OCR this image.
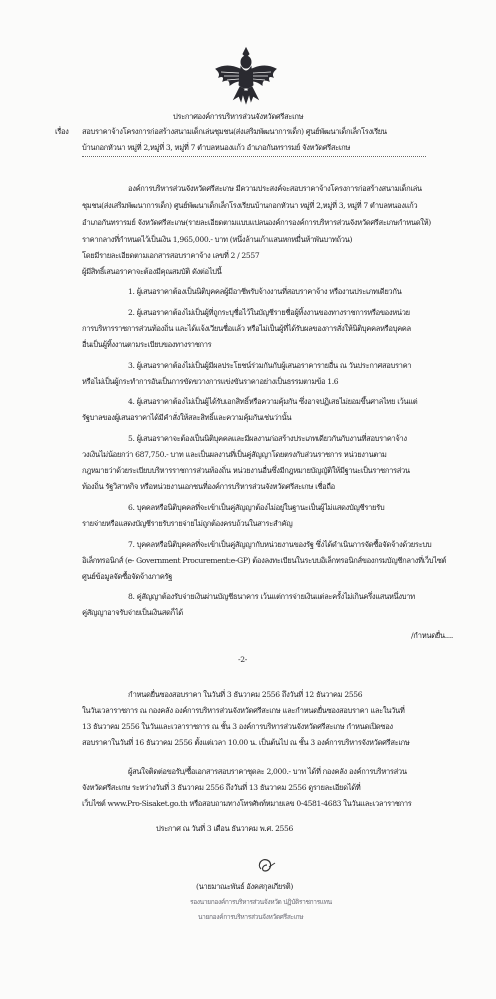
ประกาศองค์การบริหารส่วนจังหวัดศรีสะเกษ
เรื่อง สอบราคาจ้างโครงการก่อสร้างสนามเด็กเล่นชุมชน(ส่งเสริมพัฒนาการเด็ก) ศูนย์พัฒนาเด็กเล็กโรงเรียน
บ้านกอกหัวนา หมู่ที่ 2,หมู่ที่ 3, หมู่ที่ 7 ตำบลหนองแก้ว อำเภอกันทรารมย์ จังหวัดศรีสะเกษ
องค์การบริหารส่วนจังหวัดศรีสะเกษ มีความประสงค์จะสอบราคาจ้างโครงการก่อสร้างสนามเด็กเล่น
ชุมชน(ส่งเสริมพัฒนาการเด็ก) ศูนย์พัฒนาเด็กเล็กโรงเรียนบ้านกอกหัวนา หมู่ที่ 2,หมู่ที่ 3, หมู่ที่ 7 ตำบลหนองแก้ว
อำเภอกันทรารมย์ จังหวัดศรีสะเกษ(รายละเอียดตามแบบแปลนองค์การองค์การบริหารส่วนจังหวัดศรีสะเกษกำหนดให้)
ราคากลางที่กำหนดไว้เป็นเงิน 1,965,000.- บาท (หนึ่งล้านเก้าแสนหกหมื่นห้าพันบาทถ้วน)
โดยมีรายละเอียดตามเอกสารสอบราคาจ้าง เลขที่ 2 / 2557
ผู้มีสิทธิ์เสนอราคาจะต้องมีคุณสมบัติ ดังต่อไปนี้
1. ผู้เสนอราคาต้องเป็นนิติบุคคลผู้มีอาชีพรับจ้างงานที่สอบราคาจ้าง หรืองานประเภทเดียวกัน
2. ผู้เสนอราคาต้องไม่เป็นผู้ที่ถูกระบุชื่อไว้ในบัญชีรายชื่อผู้ทิ้งงานของทางราชการหรือของหน่วย
การบริหารราชการส่วนท้องถิ่น และได้แจ้งเวียนชื่อแล้ว หรือไม่เป็นผู้ที่ได้รับผลของการสั่งให้นิติบุคคลหรือบุคคล
อื่นเป็นผู้ทิ้งงานตามระเบียบของทางราชการ
3. ผู้เสนอราคาต้องไม่เป็นผู้มีผลประโยชน์ร่วมกันกับผู้เสนอราคารายอื่น ณ วันประกาศสอบราคา
หรือไม่เป็นผู้กระทำการอันเป็นการขัดขวางการแข่งขันราคาอย่างเป็นธรรมตามข้อ 1.6
4. ผู้เสนอราคาต้องไม่เป็นผู้ได้รับเอกสิทธิ์หรือความคุ้มกัน ซึ่งอาจปฏิเสธไม่ยอมขึ้นศาลไทย เว้นแต่
รัฐบาลของผู้เสนอราคาได้มีคำสั่งให้สละสิทธิ์และความคุ้มกันเช่นว่านั้น
5. ผู้เสนอราคาจะต้องเป็นนิติบุคคลและมีผลงานก่อสร้างประเภทเดียวกันกับงานที่สอบราคาจ้าง
วงเงินไม่น้อยกว่า 687,750.- บาท และเป็นผลงานที่เป็นคู่สัญญาโดยตรงกับส่วนราชการ หน่วยงานตาม
กฎหมายว่าด้วยระเบียบบริหารราชการส่วนท้องถิ่น หน่วยงานอื่นซึ่งมีกฎหมายบัญญัติให้มีฐานะเป็นราชการส่วน
ท้องถิ่น รัฐวิสาหกิจ หรือหน่วยงานเอกชนที่องค์การบริหารส่วนจังหวัดศรีสะเกษ เชื่อถือ
6. บุคคลหรือนิติบุคคลที่จะเข้าเป็นคู่สัญญาต้องไม่อยู่ในฐานะเป็นผู้ไม่แสดงบัญชีรายรับ
รายจ่ายหรือแสดงบัญชีรายรับรายจ่ายไม่ถูกต้องครบถ้วนในสาระสำคัญ
7. บุคคลหรือนิติบุคคลที่จะเข้าเป็นคู่สัญญากับหน่วยงานของรัฐ ซึ่งได้ดำเนินการจัดซื้อจัดจ้างด้วยระบบ
อิเล็กทรอนิกส์ (e- Government Procurement:e-GP) ต้องลงทะเบียนในระบบอิเล็กทรอนิกส์ของกรมบัญชีกลางที่เว็บไซต์
ศูนย์ข้อมูลจัดซื้อจัดจ้างภาครัฐ
8. คู่สัญญาต้องรับจ่ายเงินผ่านบัญชีธนาคาร เว้นแต่การจ่ายเงินแต่ละครั้งไม่เกินครึ่งแสนหนึ่งบาท
คู่สัญญาอาจรับจ่ายเป็นเงินสดก็ได้
/กำหนดยื่น....
-2-
กำหนดยื่นซองสอบราคา ในวันที่ 3 ธันวาคม 2556 ถึงวันที่ 12 ธันวาคม 2556
ในวันเวลาราชการ ณ กองคลัง องค์การบริหารส่วนจังหวัดศรีสะเกษ และกำหนดยื่นซองสอบราคา และในวันที่
13 ธันวาคม 2556 ในวันและเวลาราชการ ณ ชั้น 3 องค์การบริหารส่วนจังหวัดศรีสะเกษ กำหนดเปิดซอง
สอบราคาในวันที่ 16 ธันวาคม 2556 ตั้งแต่เวลา 10.00 น. เป็นต้นไป ณ ชั้น 3 องค์การบริหารจังหวัดศรีสะเกษ
ผู้สนใจติดต่อขอรับ/ซื้อเอกสารสอบราคาชุดละ 2,000.- บาท ได้ที่ กองคลัง องค์การบริหารส่วน
จังหวัดศรีสะเกษ ระหว่างวันที่ 3 ธันวาคม 2556 ถึงวันที่ 13 ธันวาคม 2556 ดูรายละเอียดได้ที่
เว็บไซต์ www.Pro-Sisaket.go.th หรือสอบถามทางโทรศัพท์หมายเลข 0-4581-4683 ในวันและเวลาราชการ
ประกาศ ณ วันที่ 3 เดือน ธันวาคม พ.ศ. 2556
(นายมาณะพันธ์ อังคสกุลเกียรติ)
รองนายกองค์การบริหารส่วนจังหวัด ปฏิบัติราชการแทน
นายกองค์การบริหารส่วนจังหวัดศรีสะเกษ
